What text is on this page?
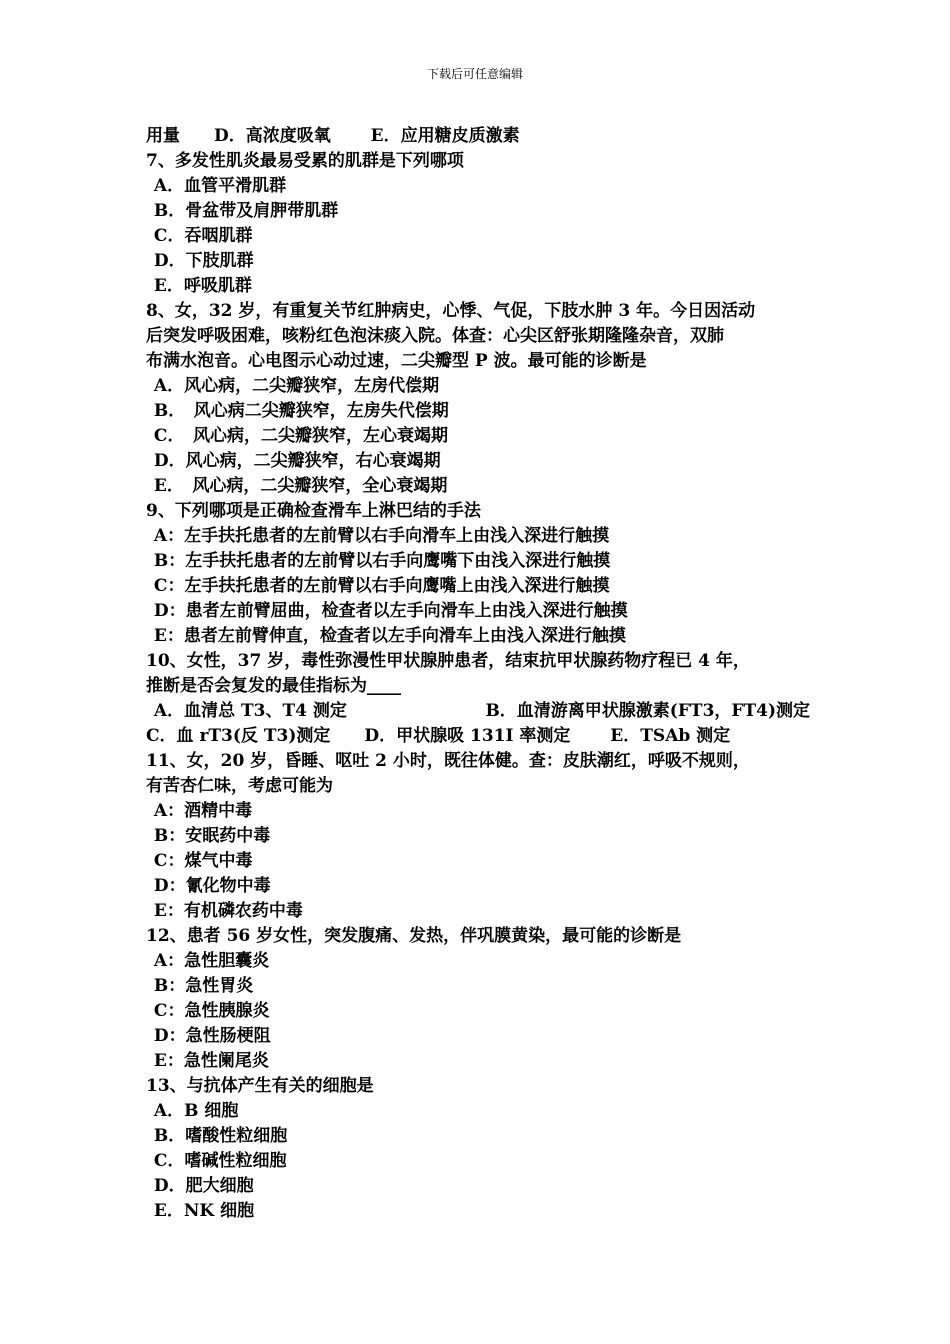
下载后可任意编辑
用量　　D．高浓度吸氧　　 E．应用糖皮质激素
7、多发性肌炎最易受累的肌群是下列哪项
A．血管平滑肌群
B．骨盆带及肩胛带肌群
C．吞咽肌群
D．下肢肌群
E．呼吸肌群
8、女，32 岁，有重复关节红肿病史，心悸、气促，下肢水肿 3 年。今日因活动
后突发呼吸困难，咳粉红色泡沫痰入院。体查：心尖区舒张期隆隆杂音，双肺
布满水泡音。心电图示心动过速，二尖瓣型 P 波。最可能的诊断是
A．风心病，二尖瓣狭窄，左房代偿期
B．　风心病二尖瓣狭窄，左房失代偿期
C．　风心病，二尖瓣狭窄，左心衰竭期
D．风心病，二尖瓣狭窄，右心衰竭期
E．　风心病，二尖瓣狭窄，全心衰竭期
9、下列哪项是正确检查滑车上淋巴结的手法
A：左手扶托患者的左前臂以右手向滑车上由浅入深进行触摸
B：左手扶托患者的左前臂以右手向鹰嘴下由浅入深进行触摸
C：左手扶托患者的左前臂以右手向鹰嘴上由浅入深进行触摸
D：患者左前臂屈曲，检查者以左手向滑车上由浅入深进行触摸
E：患者左前臂伸直，检查者以左手向滑车上由浅入深进行触摸
10、女性，37 岁，毒性弥漫性甲状腺肿患者，结束抗甲状腺药物疗程已 4 年，
推断是否会复发的最佳指标为____
A．血清总 T3、T4 测定	B．血清游离甲状腺激素(FT3，FT4)测定
C．血 rT3(反 T3)测定　　D．甲状腺吸 131I 率测定　　 E．TSAb 测定
11、女，20 岁，昏睡、呕吐 2 小时，既往体健。查：皮肤潮红，呼吸不规则，
有苦杏仁味，考虑可能为
A：酒精中毒
B：安眠药中毒
C：煤气中毒
D：氰化物中毒
E：有机磷农药中毒
12、患者 56 岁女性，突发腹痛、发热，伴巩膜黄染，最可能的诊断是
A：急性胆囊炎
B：急性胃炎
C：急性胰腺炎
D：急性肠梗阻
E：急性阑尾炎
13、与抗体产生有关的细胞是
A．B 细胞
B．嗜酸性粒细胞
C．嗜碱性粒细胞
D．肥大细胞
E．NK 细胞
